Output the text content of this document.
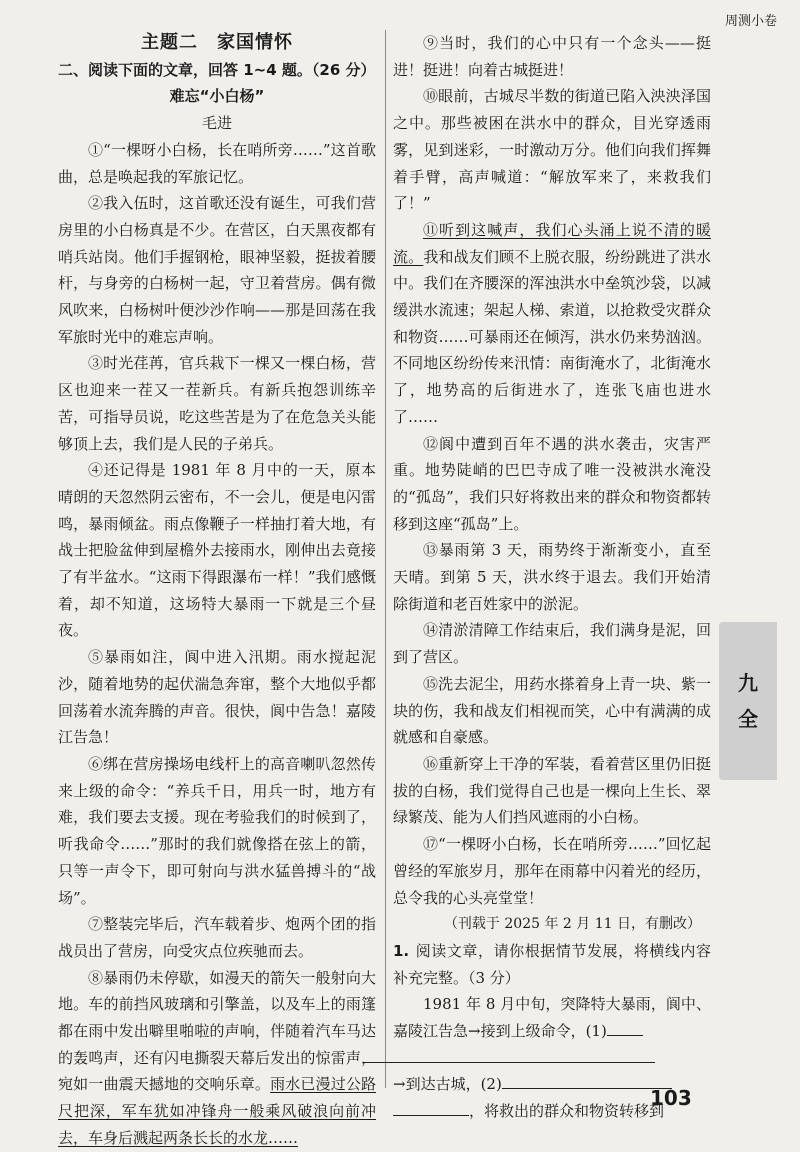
周测小卷
主题二　家国情怀
二、阅读下面的文章，回答 1~4 题。（26 分）
难忘“小白杨”
毛进
①“一棵呀小白杨，长在哨所旁……”这首歌曲，总是唤起我的军旅记忆。
②我入伍时，这首歌还没有诞生，可我们营房里的小白杨真是不少。在营区，白天黑夜都有哨兵站岗。他们手握钢枪，眼神坚毅，挺拔着腰杆，与身旁的白杨树一起，守卫着营房。偶有微风吹来，白杨树叶便沙沙作响——那是回荡在我军旅时光中的难忘声响。
③时光荏苒，官兵栽下一棵又一棵白杨，营区也迎来一茬又一茬新兵。有新兵抱怨训练辛苦，可指导员说，吃这些苦是为了在危急关头能够顶上去，我们是人民的子弟兵。
④还记得是 1981 年 8 月中的一天，原本晴朗的天忽然阴云密布，不一会儿，便是电闪雷鸣，暴雨倾盆。雨点像鞭子一样抽打着大地，有战士把脸盆伸到屋檐外去接雨水，刚伸出去竟接了有半盆水。“这雨下得跟瀑布一样！”我们感慨着，却不知道，这场特大暴雨一下就是三个昼夜。
⑤暴雨如注，阆中进入汛期。雨水搅起泥沙，随着地势的起伏湍急奔窜，整个大地似乎都回荡着水流奔腾的声音。很快，阆中告急！嘉陵江告急！
⑥绑在营房操场电线杆上的高音喇叭忽然传来上级的命令：“养兵千日，用兵一时，地方有难，我们要去支援。现在考验我们的时候到了，听我命令……”那时的我们就像搭在弦上的箭，只等一声令下，即可射向与洪水猛兽搏斗的“战场”。
⑦整装完毕后，汽车载着步、炮两个团的指战员出了营房，向受灾点位疾驰而去。
⑧暴雨仍未停歇，如漫天的箭矢一般射向大地。车的前挡风玻璃和引擎盖，以及车上的雨篷都在雨中发出噼里啪啦的声响，伴随着汽车马达的轰鸣声，还有闪电撕裂天幕后发出的惊雷声，宛如一曲震天撼地的交响乐章。雨水已漫过公路尺把深，军车犹如冲锋舟一般乘风破浪向前冲去，车身后溅起两条长长的水龙……
⑨当时，我们的心中只有一个念头——挺进！挺进！向着古城挺进！
⑩眼前，古城尽半数的街道已陷入泱泱泽国之中。那些被困在洪水中的群众，目光穿透雨雾，见到迷彩，一时激动万分。他们向我们挥舞着手臂，高声喊道：“解放军来了，来救我们了！”
⑪听到这喊声，我们心头涌上说不清的暖流。我和战友们顾不上脱衣服，纷纷跳进了洪水中。我们在齐腰深的浑浊洪水中垒筑沙袋，以减缓洪水流速；架起人梯、索道，以抢救受灾群众和物资……可暴雨还在倾泻，洪水仍来势汹汹。不同地区纷纷传来汛情：南街淹水了，北街淹水了，地势高的后街进水了，连张飞庙也进水了……
⑫阆中遭到百年不遇的洪水袭击，灾害严重。地势陡峭的巴巴寺成了唯一没被洪水淹没的“孤岛”，我们只好将救出来的群众和物资都转移到这座“孤岛”上。
⑬暴雨第 3 天，雨势终于渐渐变小，直至天晴。到第 5 天，洪水终于退去。我们开始清除街道和老百姓家中的淤泥。
⑭清淤清障工作结束后，我们满身是泥，回到了营区。
⑮洗去泥尘，用药水搽着身上青一块、紫一块的伤，我和战友们相视而笑，心中有满满的成就感和自豪感。
⑯重新穿上干净的军装，看着营区里仍旧挺拔的白杨，我们觉得自己也是一棵向上生长、翠绿繁茂、能为人们挡风遮雨的小白杨。
⑰“一棵呀小白杨，长在哨所旁……”回忆起曾经的军旅岁月，那年在雨幕中闪着光的经历，总令我的心头亮堂堂！
（刊载于 2025 年 2 月 11 日，有删改）
1. 阅读文章，请你根据情节发展，将横线内容补充完整。（3 分）
1981 年 8 月中旬，突降特大暴雨，阆中、嘉陵江告急→接到上级命令，(1)

→到达古城，(2)
，将救出的群众和物资转移到
九
全
103
